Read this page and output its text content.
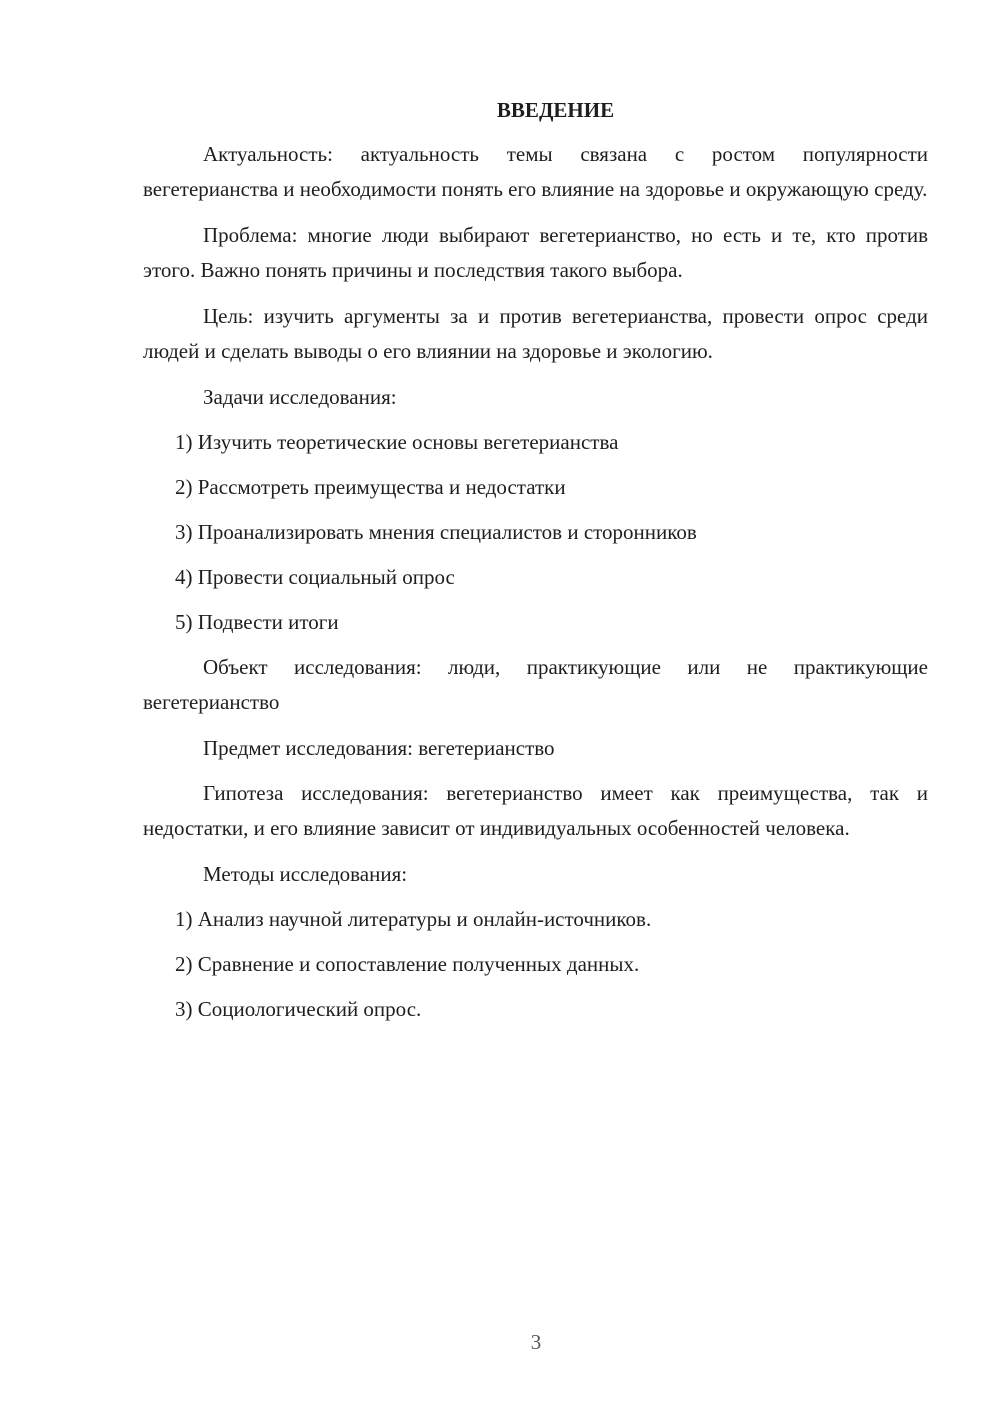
ВВЕДЕНИЕ

Актуальность: актуальность темы связана с ростом популярности вегетерианства и необходимости понять его влияние на здоровье и окружающую среду.

Проблема: многие люди выбирают вегетерианство, но есть и те, кто против этого. Важно понять причины и последствия такого выбора.

Цель: изучить аргументы за и против вегетерианства, провести опрос среди людей и сделать выводы о его влиянии на здоровье и экологию.

Задачи исследования:

1) Изучить теоретические основы вегетерианства

2) Рассмотреть преимущества и недостатки

3) Проанализировать мнения специалистов и сторонников

4) Провести социальный опрос

5) Подвести итоги

Объект исследования: люди, практикующие или не практикующие вегетерианство

Предмет исследования: вегетерианство

Гипотеза исследования: вегетерианство имеет как преимущества, так и недостатки, и его влияние зависит от индивидуальных особенностей человека.

Методы исследования:

1) Анализ научной литературы и онлайн-источников.

2) Сравнение и сопоставление полученных данных.

3) Социологический опрос.

3
